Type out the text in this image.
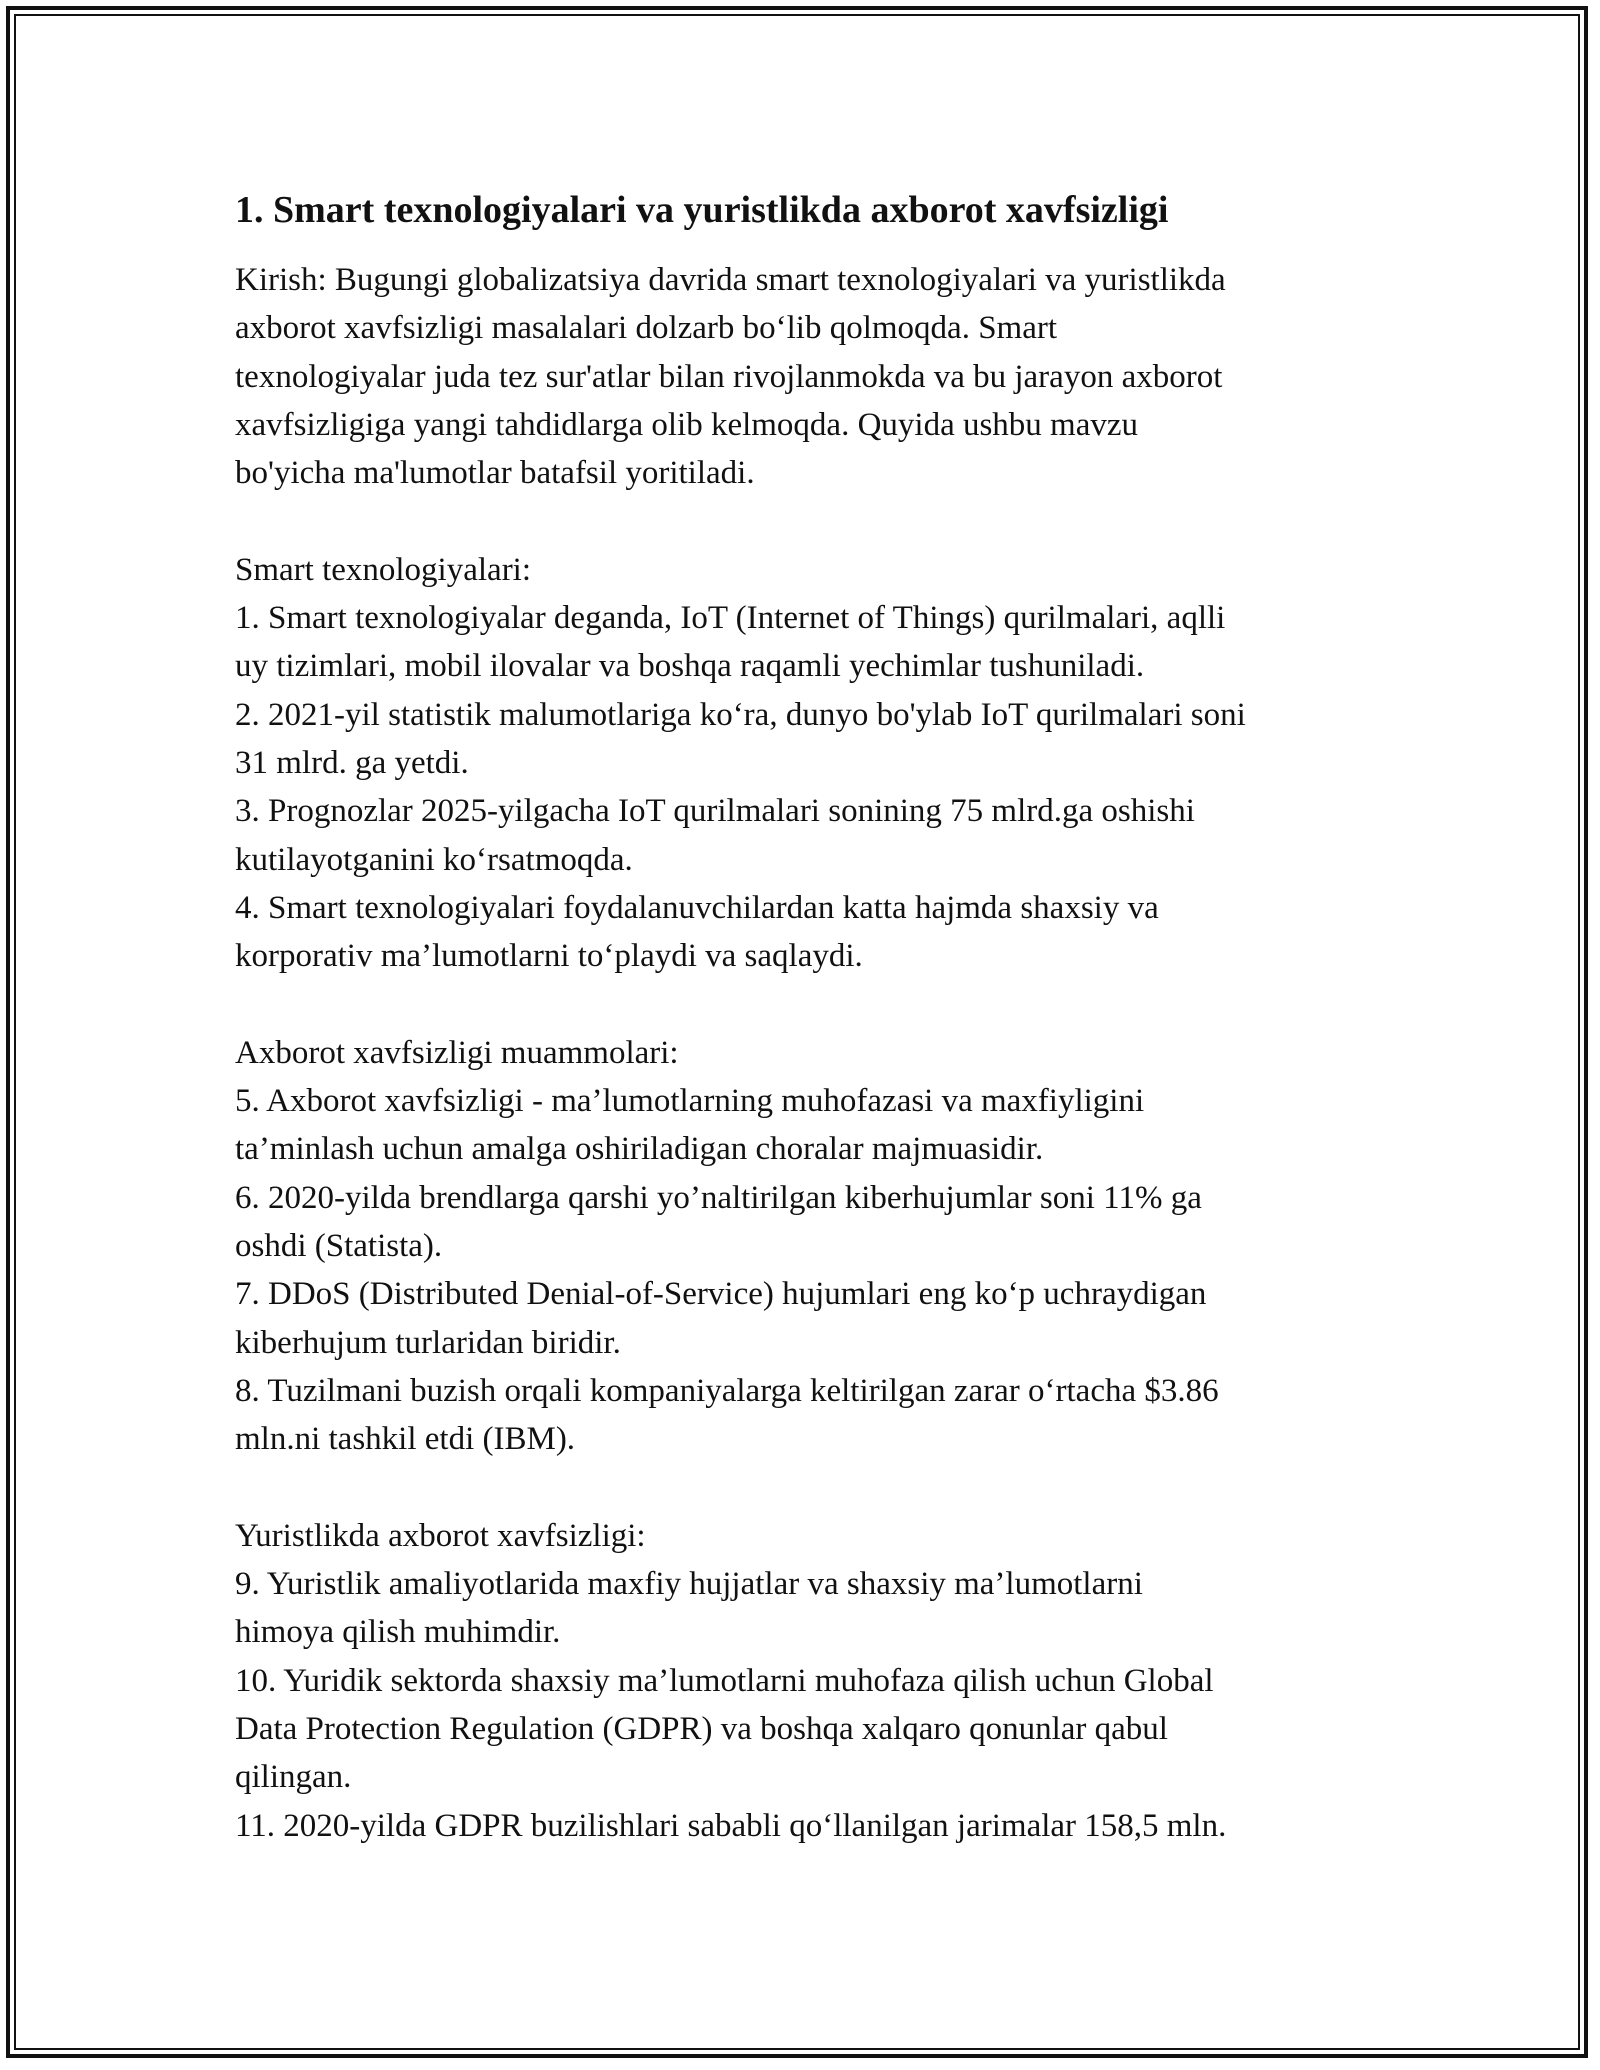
1. Smart texnologiyalari va yuristlikda axborot xavfsizligi
Kirish: Bugungi globalizatsiya davrida smart texnologiyalari va yuristlikda
axborot xavfsizligi masalalari dolzarb boʻlib qolmoqda. Smart
texnologiyalar juda tez sur'atlar bilan rivojlanmokda va bu jarayon axborot
xavfsizligiga yangi tahdidlarga olib kelmoqda. Quyida ushbu mavzu
bo'yicha ma'lumotlar batafsil yoritiladi.
Smart texnologiyalari:
1. Smart texnologiyalar deganda, IoT (Internet of Things) qurilmalari, aqlli
uy tizimlari, mobil ilovalar va boshqa raqamli yechimlar tushuniladi.
2. 2021-yil statistik malumotlariga koʻra, dunyo bo'ylab IoT qurilmalari soni
31 mlrd. ga yetdi.
3. Prognozlar 2025-yilgacha IoT qurilmalari sonining 75 mlrd.ga oshishi
kutilayotganini koʻrsatmoqda.
4. Smart texnologiyalari foydalanuvchilardan katta hajmda shaxsiy va
korporativ ma’lumotlarni toʻplaydi va saqlaydi.
Axborot xavfsizligi muammolari:
5. Axborot xavfsizligi - ma’lumotlarning muhofazasi va maxfiyligini
ta’minlash uchun amalga oshiriladigan choralar majmuasidir.
6. 2020-yilda brendlarga qarshi yo’naltirilgan kiberhujumlar soni 11% ga
oshdi (Statista).
7. DDoS (Distributed Denial-of-Service) hujumlari eng koʻp uchraydigan
kiberhujum turlaridan biridir.
8. Tuzilmani buzish orqali kompaniyalarga keltirilgan zarar oʻrtacha $3.86
mln.ni tashkil etdi (IBM).
Yuristlikda axborot xavfsizligi:
9. Yuristlik amaliyotlarida maxfiy hujjatlar va shaxsiy ma’lumotlarni
himoya qilish muhimdir.
10. Yuridik sektorda shaxsiy ma’lumotlarni muhofaza qilish uchun Global
Data Protection Regulation (GDPR) va boshqa xalqaro qonunlar qabul
qilingan.
11. 2020-yilda GDPR buzilishlari sababli qoʻllanilgan jarimalar 158,5 mln.
